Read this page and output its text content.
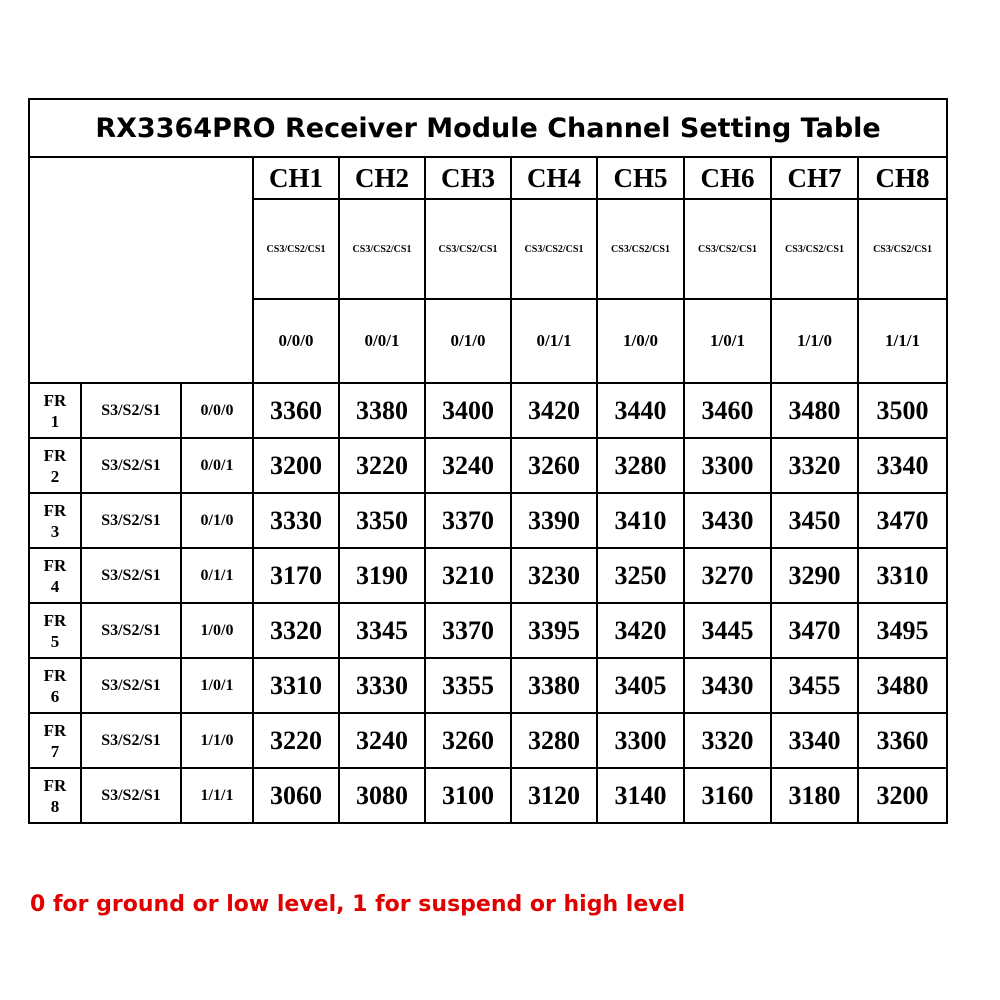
RX3364PRO Receiver Module Channel Setting Table										
			CH1	CH2	CH3	CH4	CH5	CH6	CH7	CH8
			CS3/CS2/CS1	CS3/CS2/CS1	CS3/CS2/CS1	CS3/CS2/CS1	CS3/CS2/CS1	CS3/CS2/CS1	CS3/CS2/CS1	CS3/CS2/CS1
			0/0/0	0/0/1	0/1/0	0/1/1	1/0/0	1/0/1	1/1/0	1/1/1
FR1	S3/S2/S1	0/0/0	3360	3380	3400	3420	3440	3460	3480	3500
FR2	S3/S2/S1	0/0/1	3200	3220	3240	3260	3280	3300	3320	3340
FR3	S3/S2/S1	0/1/0	3330	3350	3370	3390	3410	3430	3450	3470
FR4	S3/S2/S1	0/1/1	3170	3190	3210	3230	3250	3270	3290	3310
FR5	S3/S2/S1	1/0/0	3320	3345	3370	3395	3420	3445	3470	3495
FR6	S3/S2/S1	1/0/1	3310	3330	3355	3380	3405	3430	3455	3480
FR7	S3/S2/S1	1/1/0	3220	3240	3260	3280	3300	3320	3340	3360
FR8	S3/S2/S1	1/1/1	3060	3080	3100	3120	3140	3160	3180	3200
0 for ground or low level, 1 for suspend or high level
